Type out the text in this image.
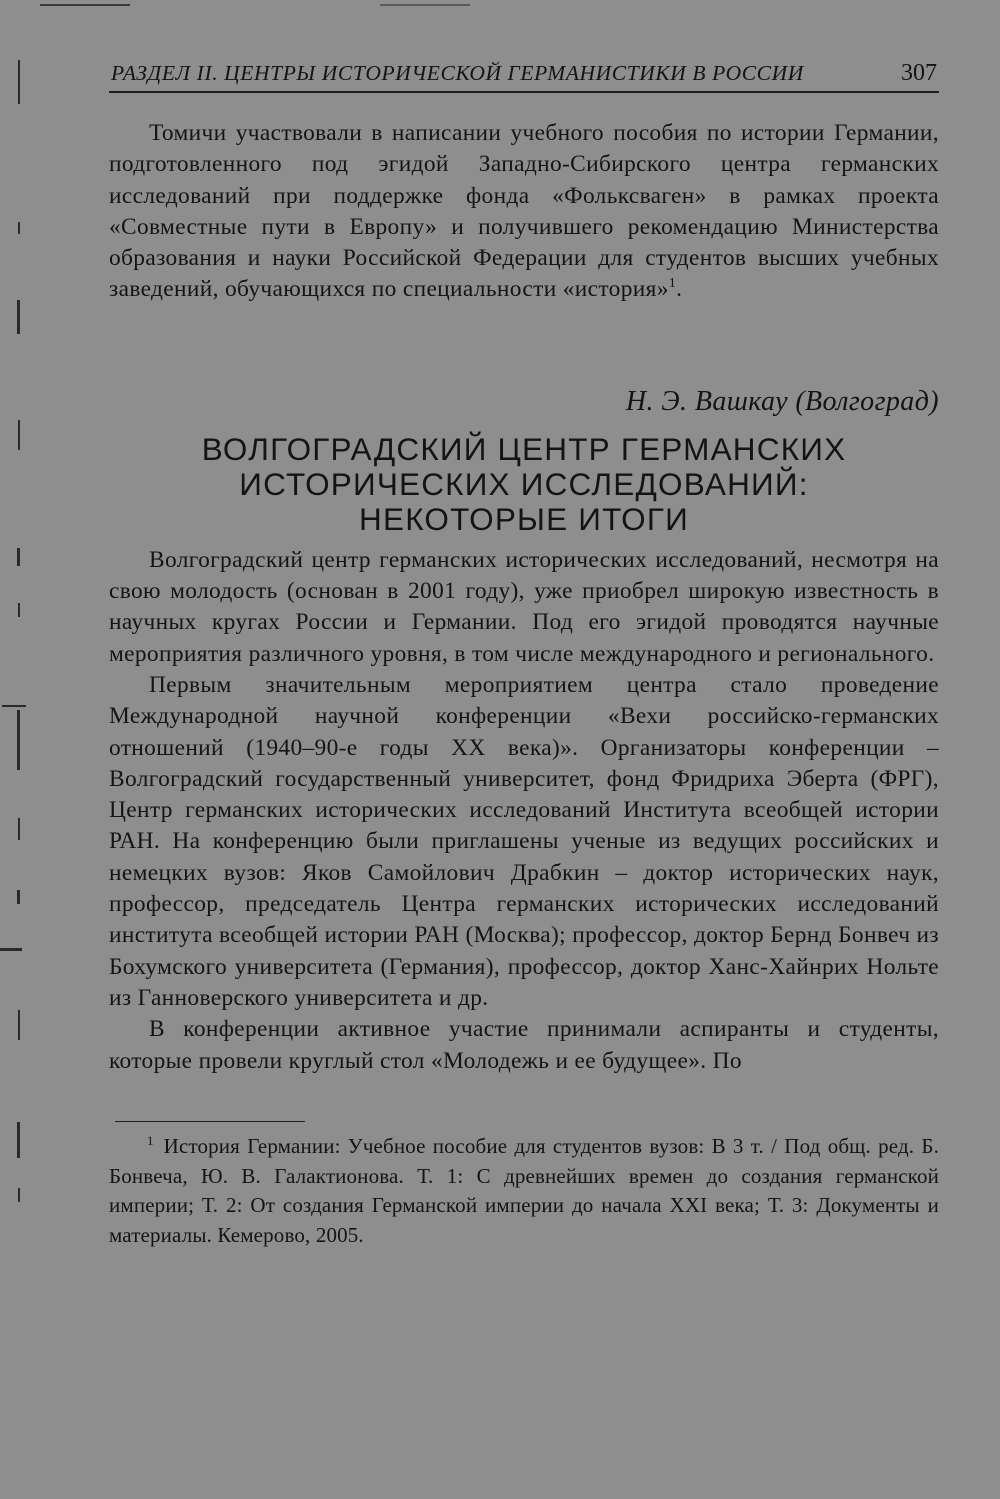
РАЗДЕЛ II. ЦЕНТРЫ ИСТОРИЧЕСКОЙ ГЕРМАНИСТИКИ В РОССИИ	307

Томичи участвовали в написании учебного пособия по истории Германии, подготовленного под эгидой Западно-Сибирского центра германских исследований при поддержке фонда «Фольксваген» в рамках проекта «Совместные пути в Европу» и получившего рекомендацию Министерства образования и науки Российской Федерации для студентов высших учебных заведений, обучающихся по специальности «история»$^1$.

Н. Э. Вашкау (Волгоград)
ВОЛГОГРАДСКИЙ ЦЕНТР ГЕРМАНСКИХ
ИСТОРИЧЕСКИХ ИССЛЕДОВАНИЙ:
НЕКОТОРЫЕ ИТОГИ

Волгоградский центр германских исторических исследований, несмотря на свою молодость (основан в 2001 году), уже приобрел широкую известность в научных кругах России и Германии. Под его эгидой проводятся научные мероприятия различного уровня, в том числе международного и регионального.

Первым значительным мероприятием центра стало проведение Международной научной конференции «Вехи российско-германских отношений (1940–90-е годы XX века)». Организаторы конференции – Волгоградский государственный университет, фонд Фридриха Эберта (ФРГ), Центр германских исторических исследований Института всеобщей истории РАН. На конференцию были приглашены ученые из ведущих российских и немецких вузов: Яков Самойлович Драбкин – доктор исторических наук, профессор, председатель Центра германских исторических исследований института всеобщей истории РАН (Москва); профессор, доктор Бернд Бонвеч из Бохумского университета (Германия), профессор, доктор Ханс-Хайнрих Нольте из Ганноверского университета и др.

В конференции активное участие принимали аспиранты и студенты, которые провели круглый стол «Молодежь и ее будущее». По

$^1$ История Германии: Учебное пособие для студентов вузов: В 3 т. / Под общ. ред. Б. Бонвеча, Ю. В. Галактионова. Т. 1: С древнейших времен до создания германской империи; Т. 2: От создания Германской империи до начала XXI века; Т. 3: Документы и материалы. Кемерово, 2005.
